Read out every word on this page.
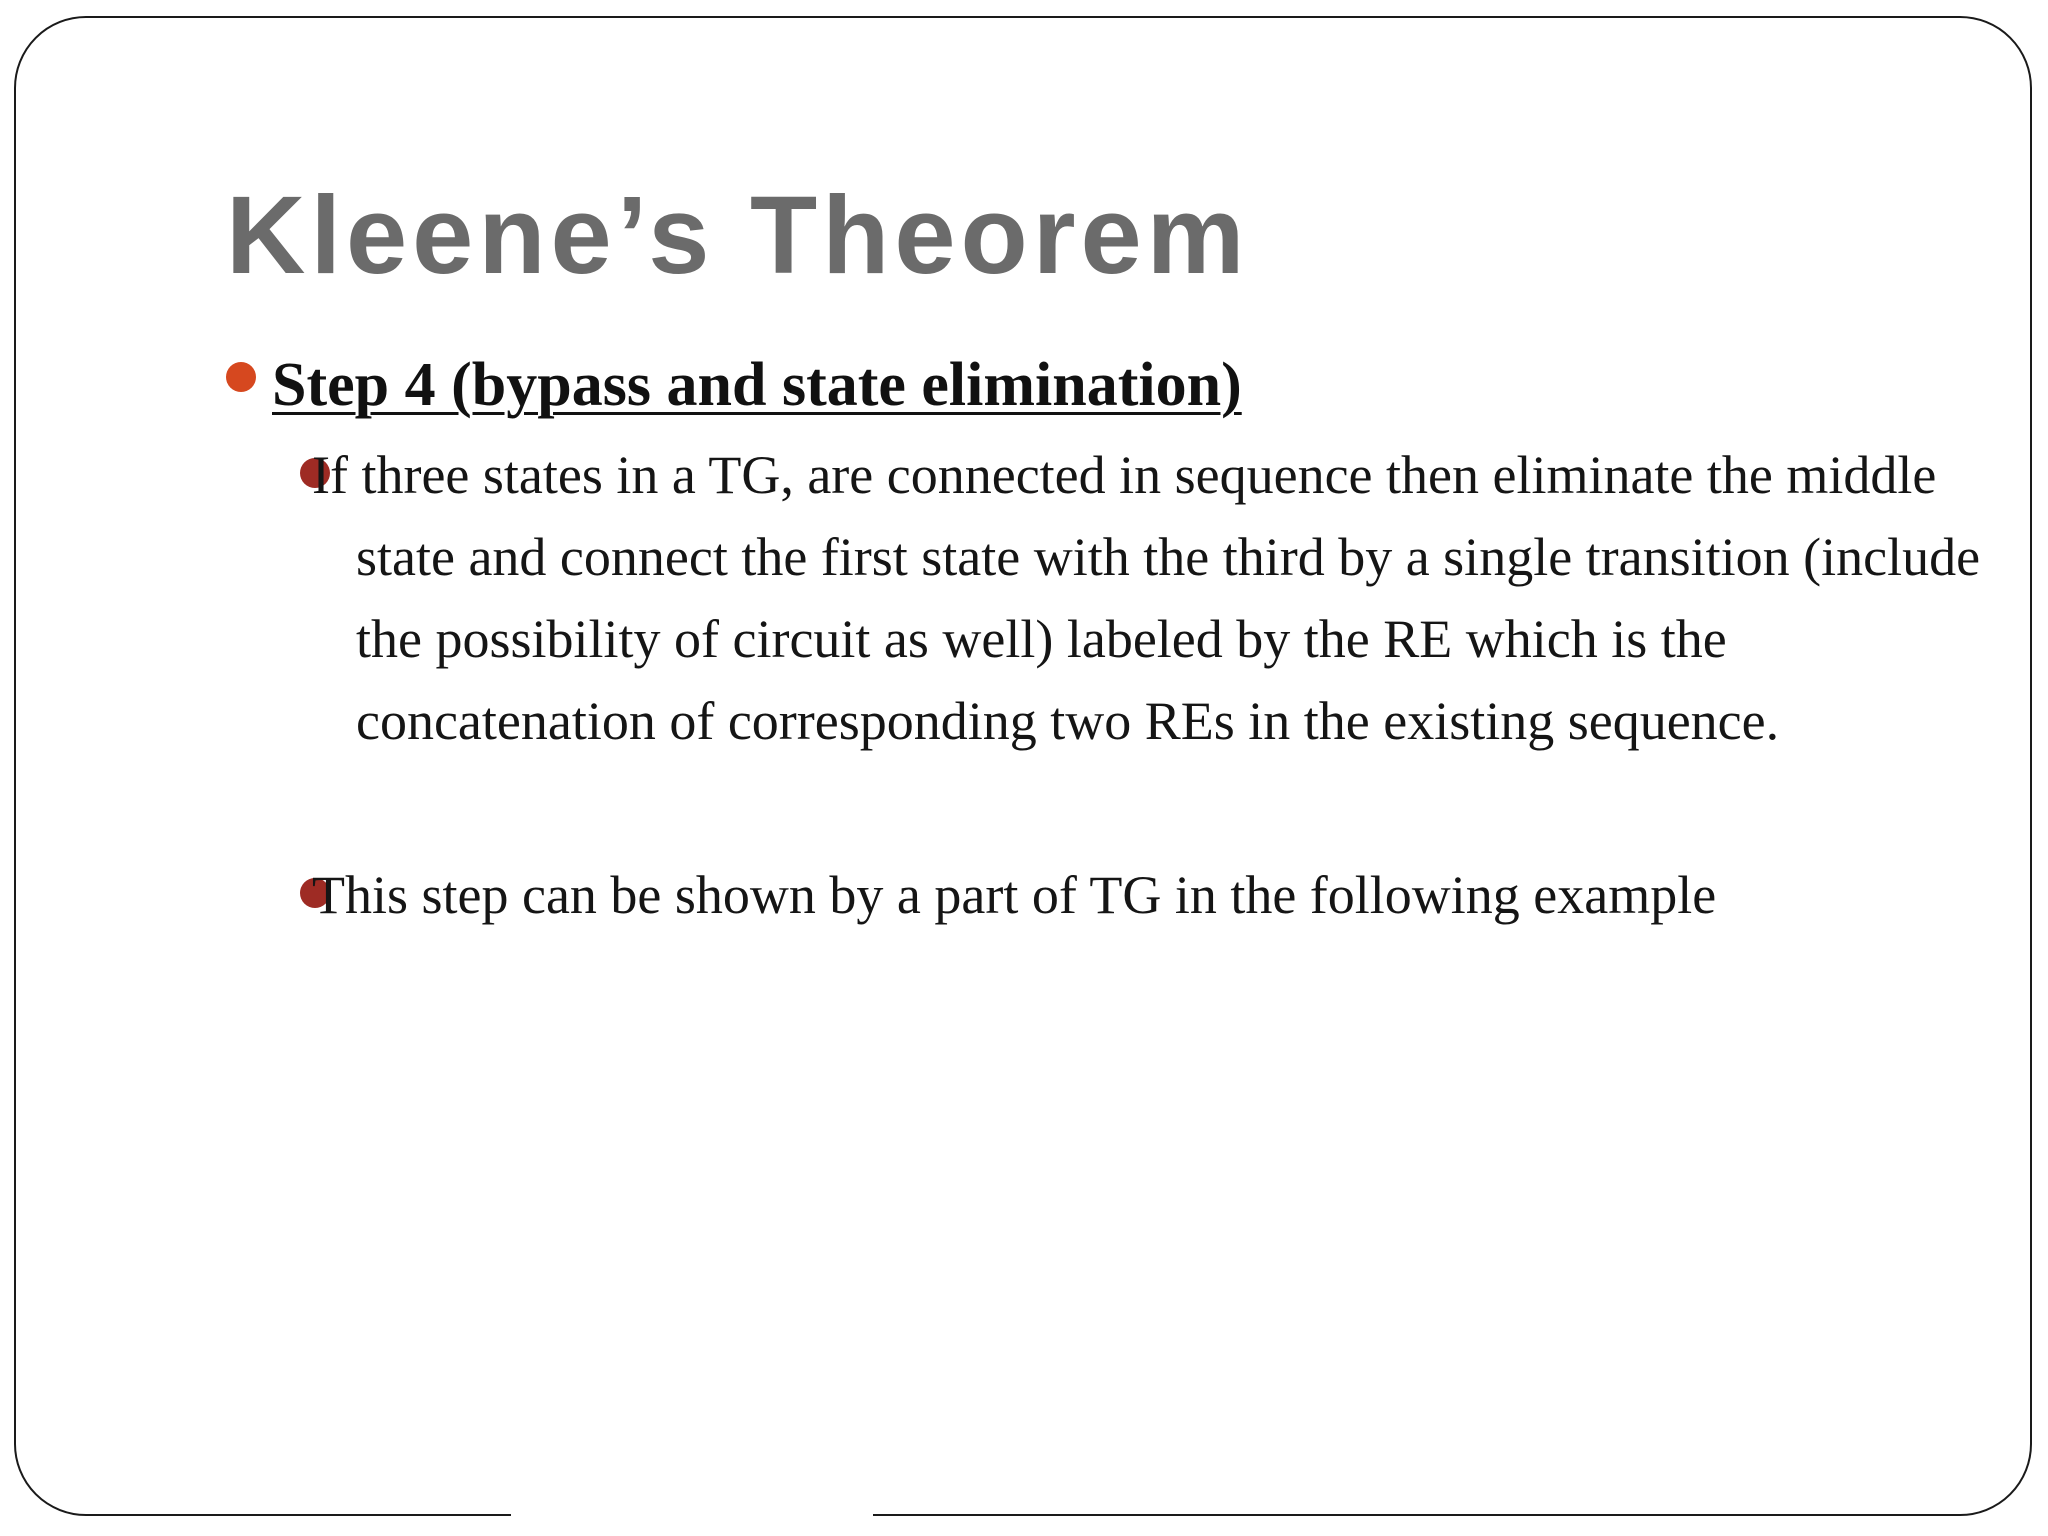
Kleene’s Theorem
Step 4 (bypass and state elimination)

If three states in a TG, are connected in sequence then eliminate the middle state and connect the first state with the third by a single transition (include the possibility of circuit as well) labeled by the RE which is the concatenation of corresponding two REs in the existing sequence.

This step can be shown by a part of TG in the following example
